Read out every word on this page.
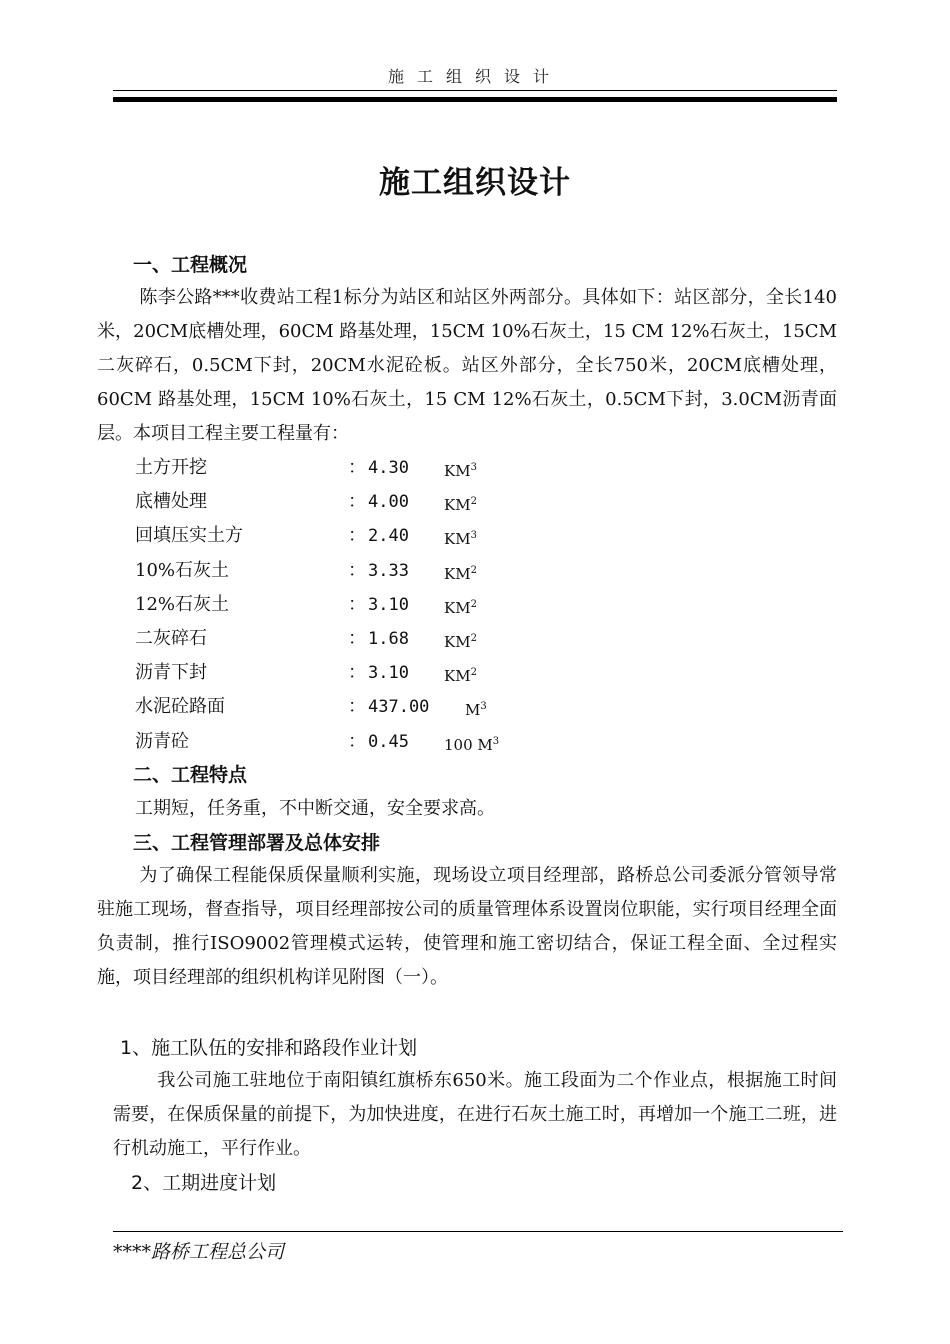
施工组织设计
施工组织设计
一、工程概况
陈李公路***收费站工程1标分为站区和站区外两部分。具体如下：站区部分，全长140米，20CM底槽处理，60CM 路基处理，15CM 10%石灰土，15 CM 12%石灰土，15CM二灰碎石，0.5CM下封，20CM水泥砼板。站区外部分，全长750米，20CM底槽处理，60CM 路基处理，15CM 10%石灰土，15 CM 12%石灰土，0.5CM下封，3.0CM沥青面层。本项目工程主要工程量有：
土方开挖	： 4.30 $KM^3$
底槽处理	： 4.00 $KM^2$
回填压实土方	： 2.40 $KM^3$
10%石灰土	： 3.33 $KM^2$
12%石灰土	： 3.10 $KM^2$
二灰碎石	： 1.68 $KM^2$
沥青下封	： 3.10 $KM^2$
水泥砼路面	： 437.00 $M^3$
沥青砼	： 0.45 100 $M^3$
二、工程特点
工期短，任务重，不中断交通，安全要求高。
三、工程管理部署及总体安排
为了确保工程能保质保量顺利实施，现场设立项目经理部，路桥总公司委派分管领导常驻施工现场，督查指导，项目经理部按公司的质量管理体系设置岗位职能，实行项目经理全面负责制，推行ISO9002管理模式运转，使管理和施工密切结合，保证工程全面、全过程实施，项目经理部的组织机构详见附图（一）。
1、施工队伍的安排和路段作业计划
我公司施工驻地位于南阳镇红旗桥东650米。施工段面为二个作业点，根据施工时间需要，在保质保量的前提下，为加快进度，在进行石灰土施工时，再增加一个施工二班，进行机动施工，平行作业。
2、工期进度计划
****路桥工程总公司
